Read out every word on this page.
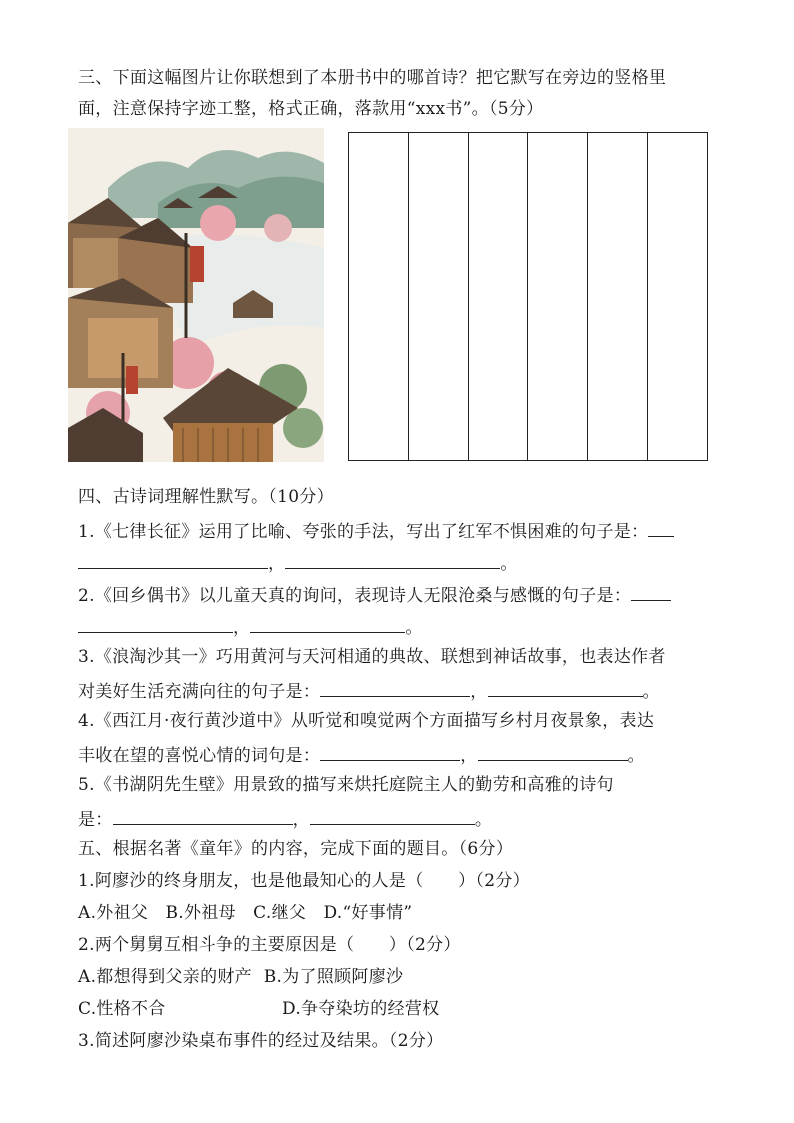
三、下面这幅图片让你联想到了本册书中的哪首诗？把它默写在旁边的竖格里
面，注意保持字迹工整，格式正确，落款用“xxx书”。（5分）
四、古诗词理解性默写。（10分）
1.《七律长征》运用了比喻、夸张的手法，写出了红军不惧困难的句子是：
，	。
2.《回乡偶书》以儿童天真的询问，表现诗人无限沧桑与感慨的句子是：
，	。
3.《浪淘沙其一》巧用黄河与天河相通的典故、联想到神话故事，也表达作者
对美好生活充满向往的句子是：	，	。
4.《西江月·夜行黄沙道中》从听觉和嗅觉两个方面描写乡村月夜景象，表达
丰收在望的喜悦心情的词句是：	，	。
5.《书湖阴先生壁》用景致的描写来烘托庭院主人的勤劳和高雅的诗句
是：	，	。
五、根据名著《童年》的内容，完成下面的题目。（6分）
1.阿廖沙的终身朋友，也是他最知心的人是（　　）（2分）
A.外祖父　B.外祖母　C.继父　D.“好事情”
2.两个舅舅互相斗争的主要原因是（　　）（2分）
A.都想得到父亲的财产 B.为了照顾阿廖沙
C.性格不合	D.争夺染坊的经营权
3.简述阿廖沙染桌布事件的经过及结果。（2分）
